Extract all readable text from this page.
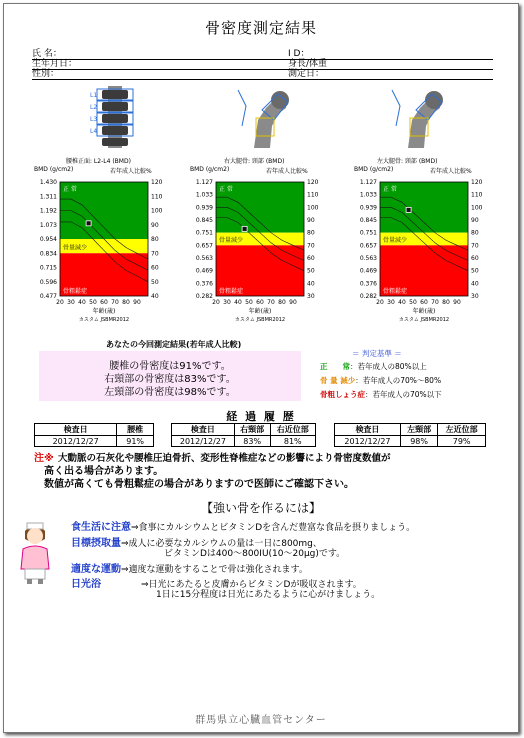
骨密度測定結果
氏 名：	I D：
生年月日：	身長/体重
性別：	測定日：
L1
L2
L3
L4
腰椎正面: L2-L4 (BMD)	右大腿骨: 頸部 (BMD)	左大腿骨: 頸部 (BMD)
BMD (g/cm2)	若年成人比較%	BMD (g/cm2)	若年成人比較%	BMD (g/cm2)	若年成人比較%
1.430
1.311
1.192
1.073
0.954
0.834
0.715
0.596
0.477
120
110
100
90
80
70
60
50
40
20 30 40 50 60 70 80 90
年齢(歳)
カスタム JSBMR2012
正 常
骨量減少
骨粗鬆症
1.127
1.033
0.939
0.845
0.751
0.657
0.563
0.469
0.376
0.282
120
110
100
90
80
70
60
50
40
30
20 30 40 50 60 70 80 90
年齢(歳)
カスタム JSBMR2012
正 常
骨量減少
骨粗鬆症
1.127
1.033
0.939
0.845
0.751
0.657
0.563
0.469
0.376
0.282
120
110
100
90
80
70
60
50
40
30
20 30 40 50 60 70 80 90
年齢(歳)
カスタム JSBMR2012
正 常
骨量減少
骨粗鬆症
あなたの今回測定結果(若年成人比較)
腰椎の骨密度は91%です。
右頸部の骨密度は83%です。
左頸部の骨密度は98%です。
＝ 判定基準 ＝
正　　常：若年成人の80%以上
骨 量 減少：若年成人の70%～80%
骨粗しょう症：若年成人の70%以下
経 過 履 歴
検査日	腰椎
2012/12/27	91%
検査日	右頸部	右近位部
2012/12/27	83%	81%
検査日	左頸部	左近位部
2012/12/27	98%	79%
注※ 大動脈の石灰化や腰椎圧迫骨折、変形性脊椎症などの影響により骨密度数値が
高く出る場合があります。
数値が高くても骨粗鬆症の場合がありますので医師にご確認下さい。
【強い骨を作るには】
食生活に注意⇒食事にカルシウムとビタミンDを含んだ豊富な食品を摂りましょう。
目標摂取量⇒成人に必要なカルシウムの量は一日に800mg、
ビタミンDは400～800IU(10～20μg)です。
適度な運動⇒適度な運動をすることで骨は強化されます。
日光浴	⇒日光にあたると皮膚からビタミンDが吸収されます。
1日に15分程度は日光にあたるように心がけましょう。
群馬県立心臓血管センター
